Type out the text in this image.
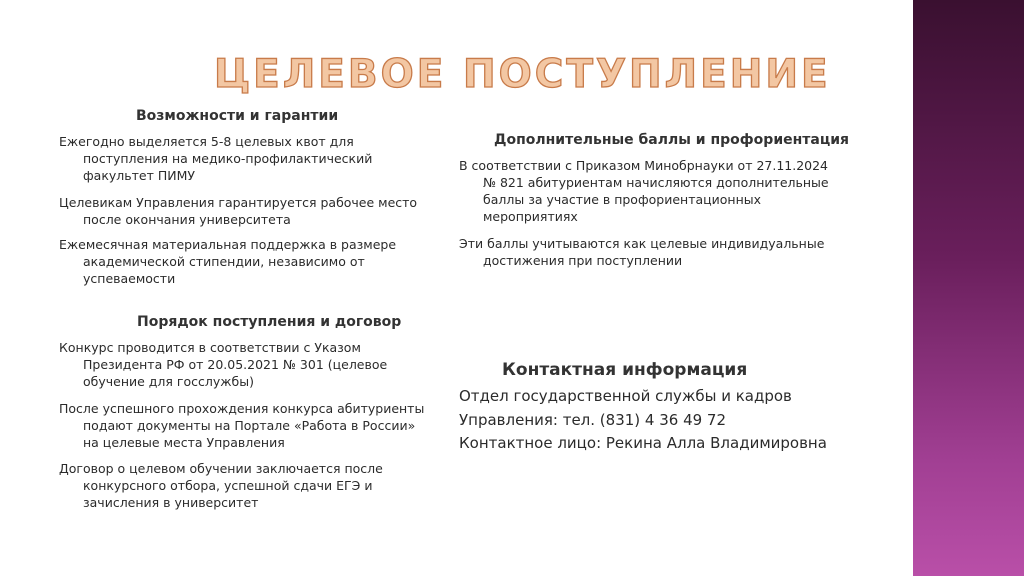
ЦЕЛЕВОЕ ПОСТУПЛЕНИЕ
Возможности и гарантии
Ежегодно выделяется 5-8 целевых квот для
поступления на медико-профилактический
факультет ПИМУ
Целевикам Управления гарантируется рабочее место
после окончания университета
Ежемесячная материальная поддержка в размере
академической стипендии, независимо от
успеваемости
Порядок поступления и договор
Конкурс проводится в соответствии с Указом
Президента РФ от 20.05.2021 № 301 (целевое
обучение для госслужбы)
После успешного прохождения конкурса абитуриенты
подают документы на Портале «Работа в России»
на целевые места Управления
Договор о целевом обучении заключается после
конкурсного отбора, успешной сдачи ЕГЭ и
зачисления в университет
Дополнительные баллы и профориентация
В соответствии с Приказом Минобрнауки от 27.11.2024
№ 821 абитуриентам начисляются дополнительные
баллы за участие в профориентационных
мероприятиях
Эти баллы учитываются как целевые индивидуальные
достижения при поступлении
Контактная информация
Отдел государственной службы и кадров
Управления: тел. (831) 4 36 49 72
Контактное лицо: Рекина Алла Владимировна
